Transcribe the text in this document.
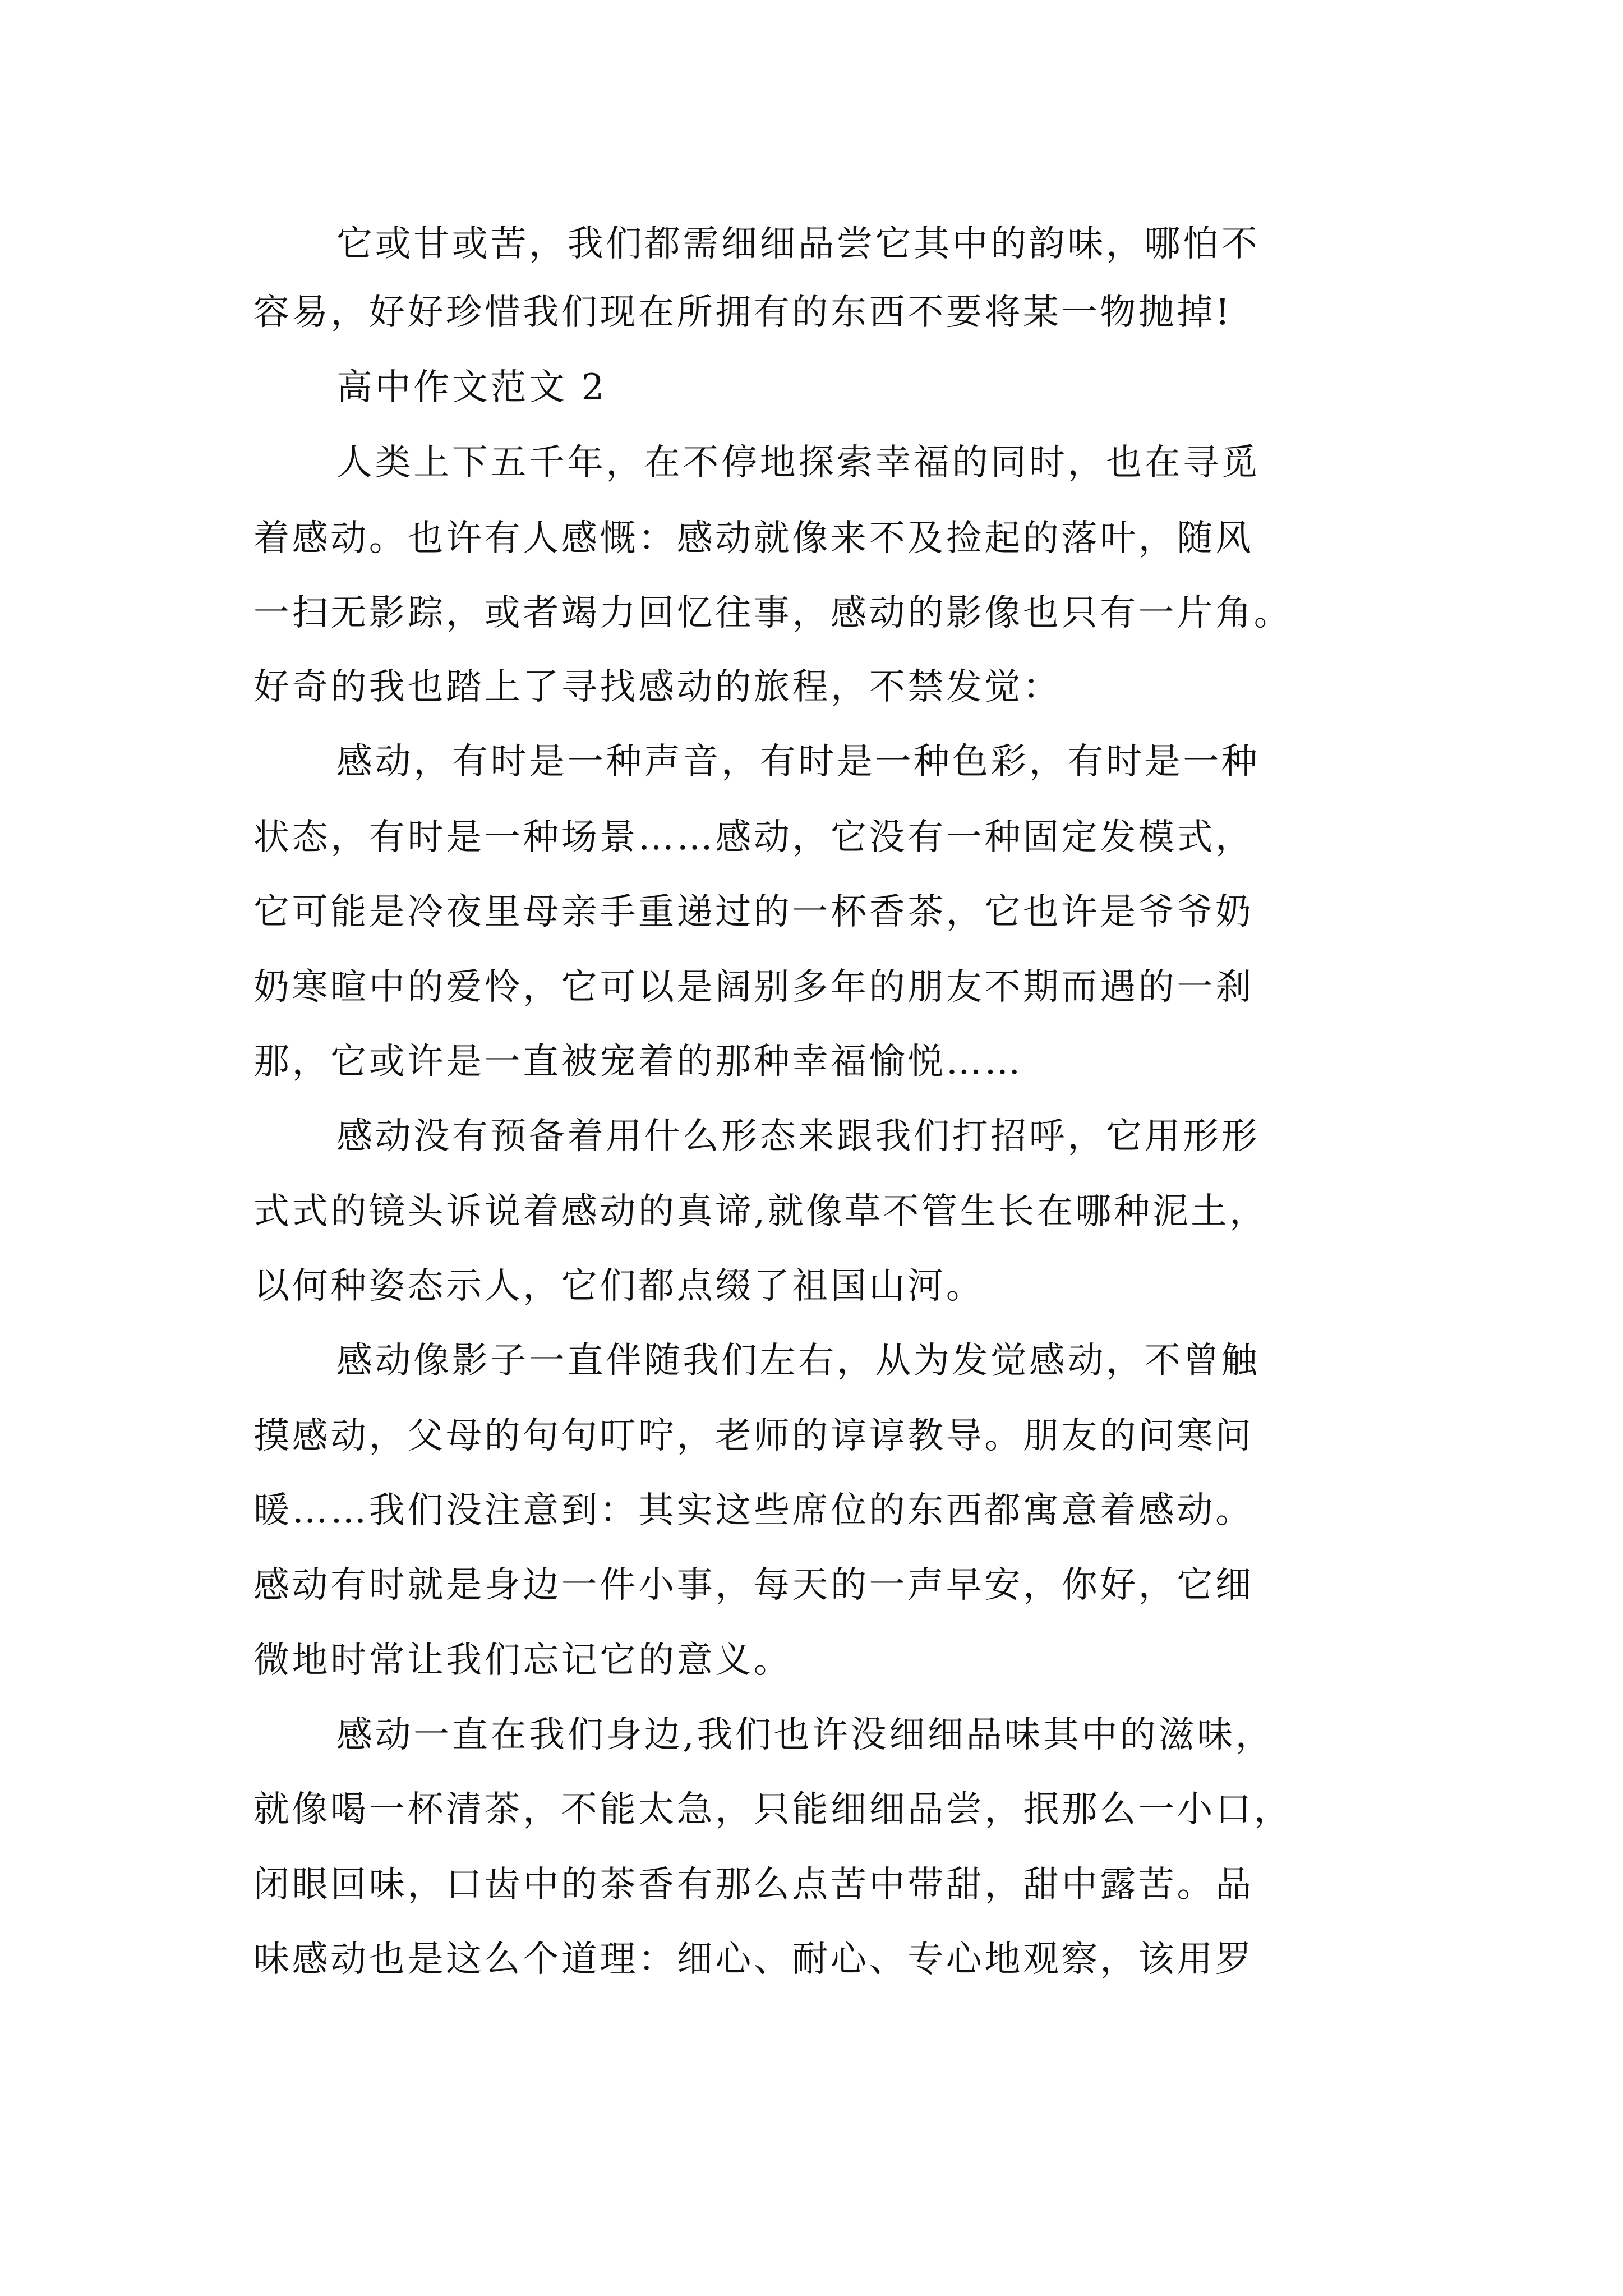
它或甘或苦，我们都需细细品尝它其中的韵味，哪怕不
容易，好好珍惜我们现在所拥有的东西不要将某一物抛掉!
高中作文范文 2
人类上下五千年，在不停地探索幸福的同时，也在寻觅
着感动。也许有人感慨：感动就像来不及捡起的落叶，随风
一扫无影踪，或者竭力回忆往事，感动的影像也只有一片角。
好奇的我也踏上了寻找感动的旅程，不禁发觉：
感动，有时是一种声音，有时是一种色彩，有时是一种
状态，有时是一种场景……感动，它没有一种固定发模式，
它可能是冷夜里母亲手重递过的一杯香茶，它也许是爷爷奶
奶寒暄中的爱怜，它可以是阔别多年的朋友不期而遇的一刹
那，它或许是一直被宠着的那种幸福愉悦……
感动没有预备着用什么形态来跟我们打招呼，它用形形
式式的镜头诉说着感动的真谛,就像草不管生长在哪种泥土，
以何种姿态示人，它们都点缀了祖国山河。
感动像影子一直伴随我们左右，从为发觉感动，不曾触
摸感动，父母的句句叮咛，老师的谆谆教导。朋友的问寒问
暖……我们没注意到：其实这些席位的东西都寓意着感动。
感动有时就是身边一件小事，每天的一声早安，你好，它细
微地时常让我们忘记它的意义。
感动一直在我们身边,我们也许没细细品味其中的滋味，
就像喝一杯清茶，不能太急，只能细细品尝，抿那么一小口，
闭眼回味，口齿中的茶香有那么点苦中带甜，甜中露苦。品
味感动也是这么个道理：细心、耐心、专心地观察，该用罗
